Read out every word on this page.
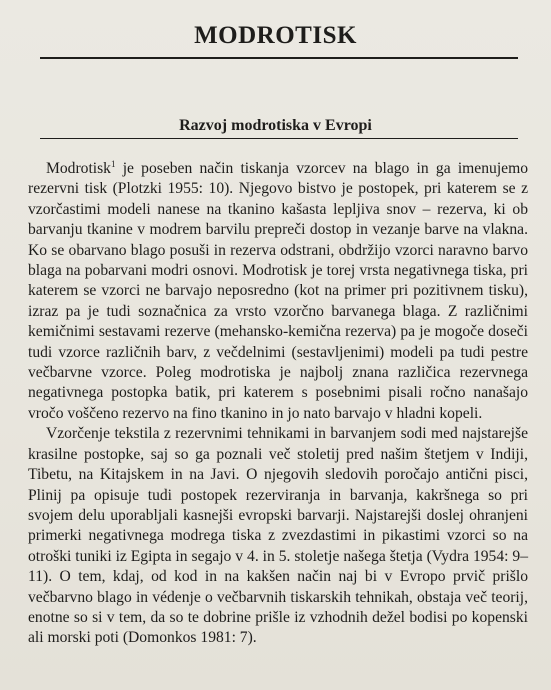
MODROTISK
Razvoj modrotiska v Evropi

Modrotisk$^1$ je poseben način tiskanja vzorcev na blago in ga imenujemo rezervni tisk (Plotzki 1955: 10). Njegovo bistvo je postopek, pri katerem se z vzorčastimi modeli nanese na tkanino kašasta lepljiva snov – rezerva, ki ob barvanju tkanine v modrem barvilu prepreči dostop in vezanje barve na vlakna. Ko se obarvano blago posuši in rezerva odstrani, obdržijo vzorci naravno barvo blaga na pobarvani modri osnovi. Modrotisk je torej vrsta negativnega tiska, pri katerem se vzorci ne barvajo neposredno (kot na primer pri pozitivnem tisku), izraz pa je tudi soznačnica za vrsto vzorčno barvanega blaga. Z različnimi kemičnimi sestavami rezerve (mehansko-kemična rezerva) pa je mogoče doseči tudi vzorce različnih barv, z večdelnimi (sestavljenimi) modeli pa tudi pestre večbarvne vzorce. Poleg modrotiska je najbolj znana različica rezervnega negativnega postopka batik, pri katerem s posebnimi pisali ročno nanašajo vročo voščeno rezervo na fino tkanino in jo nato barvajo v hladni kopeli.

Vzorčenje tekstila z rezervnimi tehnikami in barvanjem sodi med najstarejše krasilne postopke, saj so ga poznali več stoletij pred našim štetjem v Indiji, Tibetu, na Kitajskem in na Javi. O njegovih sledovih poročajo antični pisci, Plinij pa opisuje tudi postopek rezerviranja in barvanja, kakršnega so pri svojem delu uporabljali kasnejši evropski barvarji. Najstarejši doslej ohranjeni primerki negativnega modrega tiska z zvezdastimi in pikastimi vzorci so na otroški tuniki iz Egipta in segajo v 4. in 5. stoletje našega štetja (Vydra 1954: 9–11). O tem, kdaj, od kod in na kakšen način naj bi v Evropo prvič prišlo večbarvno blago in védenje o večbarvnih tiskarskih tehnikah, obstaja več teorij, enotne so si v tem, da so te dobrine prišle iz vzhodnih dežel bodisi po kopenski ali morski poti (Domonkos 1981: 7).
